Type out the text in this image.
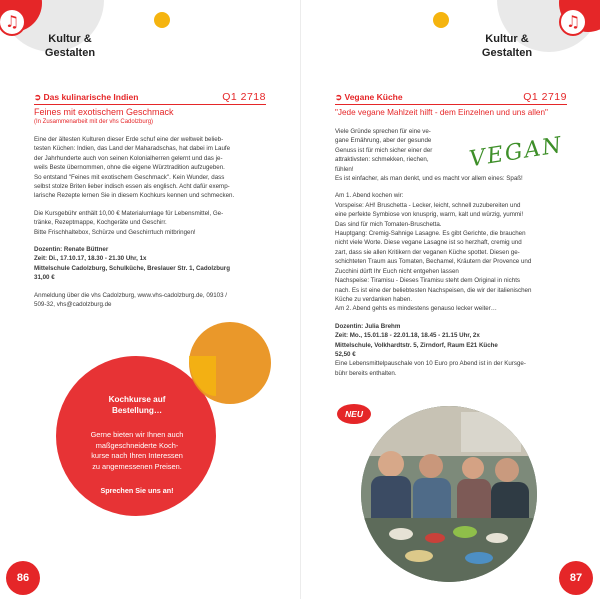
♫
Kultur &
Gestalten
➲ Das kulinarische Indien	Q1 2718
Feines mit exotischem Geschmack
(In Zusammenarbeit mit der vhs Cadolzburg)

Eine der ältesten Kulturen dieser Erde schuf eine der weltweit belieb-

testen Küchen: Indien, das Land der Maharadschas, hat dabei im Laufe

der Jahrhunderte auch von seinen Kolonialherren gelernt und das je-

weils Beste übernommen, ohne die eigene Würztradition aufzugeben.

So entstand "Feines mit exotischem Geschmack". Kein Wunder, dass

selbst stolze Briten lieber indisch essen als englisch. Acht dafür exemp-

larische Rezepte lernen Sie in diesem Kochkurs kennen und schmecken.

Die Kursgebühr enthält 10,00 € Materialumlage für Lebensmittel, Ge-

tränke, Rezeptmappe, Kochgeräte und Geschirr.

Bitte Frischhaltebox, Schürze und Geschirrtuch mitbringen!

Dozentin: Renate Büttner

Zeit: Di., 17.10.17, 18.30 - 21.30 Uhr, 1x

Mittelschule Cadolzburg, Schulküche, Breslauer Str. 1, Cadolzburg

31,00 €

Anmeldung über die vhs Cadolzburg, www.vhs-cadolzburg.de, 09103 /

509-32, vhs@cadolzburg.de

Kochkurse auf
Bestellung…
Gerne bieten wir Ihnen auch
maßgeschneiderte Koch-
kurse nach Ihren Interessen
zu angemessenen Preisen.
Sprechen Sie uns an!
86
♫
Kultur &
Gestalten
➲ Vegane Küche	Q1 2719
"Jede vegane Mahlzeit hilft - dem Einzelnen und uns allen"

Viele Gründe sprechen für eine ve-

gane Ernährung, aber der gesunde

Genuss ist für mich sicher einer der

attraktivsten: schmekken, riechen,

fühlen!

Es ist einfacher, als man denkt, und es macht vor allem eines: Spaß!

Am 1. Abend kochen wir:

Vorspeise: AH! Bruschetta - Lecker, leicht, schnell zuzubereiten und

eine perfekte Symbiose von knusprig, warm, kalt und würzig, yummi!

Das sind für mich Tomaten-Bruschetta.

Hauptgang: Cremig-Sahnige Lasagne. Es gibt Gerichte, die brauchen

nicht viele Worte. Diese vegane Lasagne ist so herzhaft, cremig und

zart, dass sie allen Kritikern der veganen Küche spottet. Diesen ge-

schichteten Traum aus Tomaten, Bechamel, Kräutern der Provence und

Zucchini dürft Ihr Euch nicht entgehen lassen

Nachspeise: Tiramisu - Dieses Tiramisu steht dem Original in nichts

nach. Es ist eine der beliebtesten Nachspeisen, die wir der italienischen

Küche zu verdanken haben.

Am 2. Abend gehts es mindestens genauso lecker weiter…

Dozentin: Julia Brehm

Zeit: Mo., 15.01.18 - 22.01.18, 18.45 - 21.15 Uhr, 2x

Mittelschule, Volkhardtstr. 5, Zirndorf, Raum E21 Küche

52,50 €

Eine Lebensmittelpauschale von 10 Euro pro Abend ist in der Kursge-

bühr bereits enthalten.

VEGAN
NEU
87
